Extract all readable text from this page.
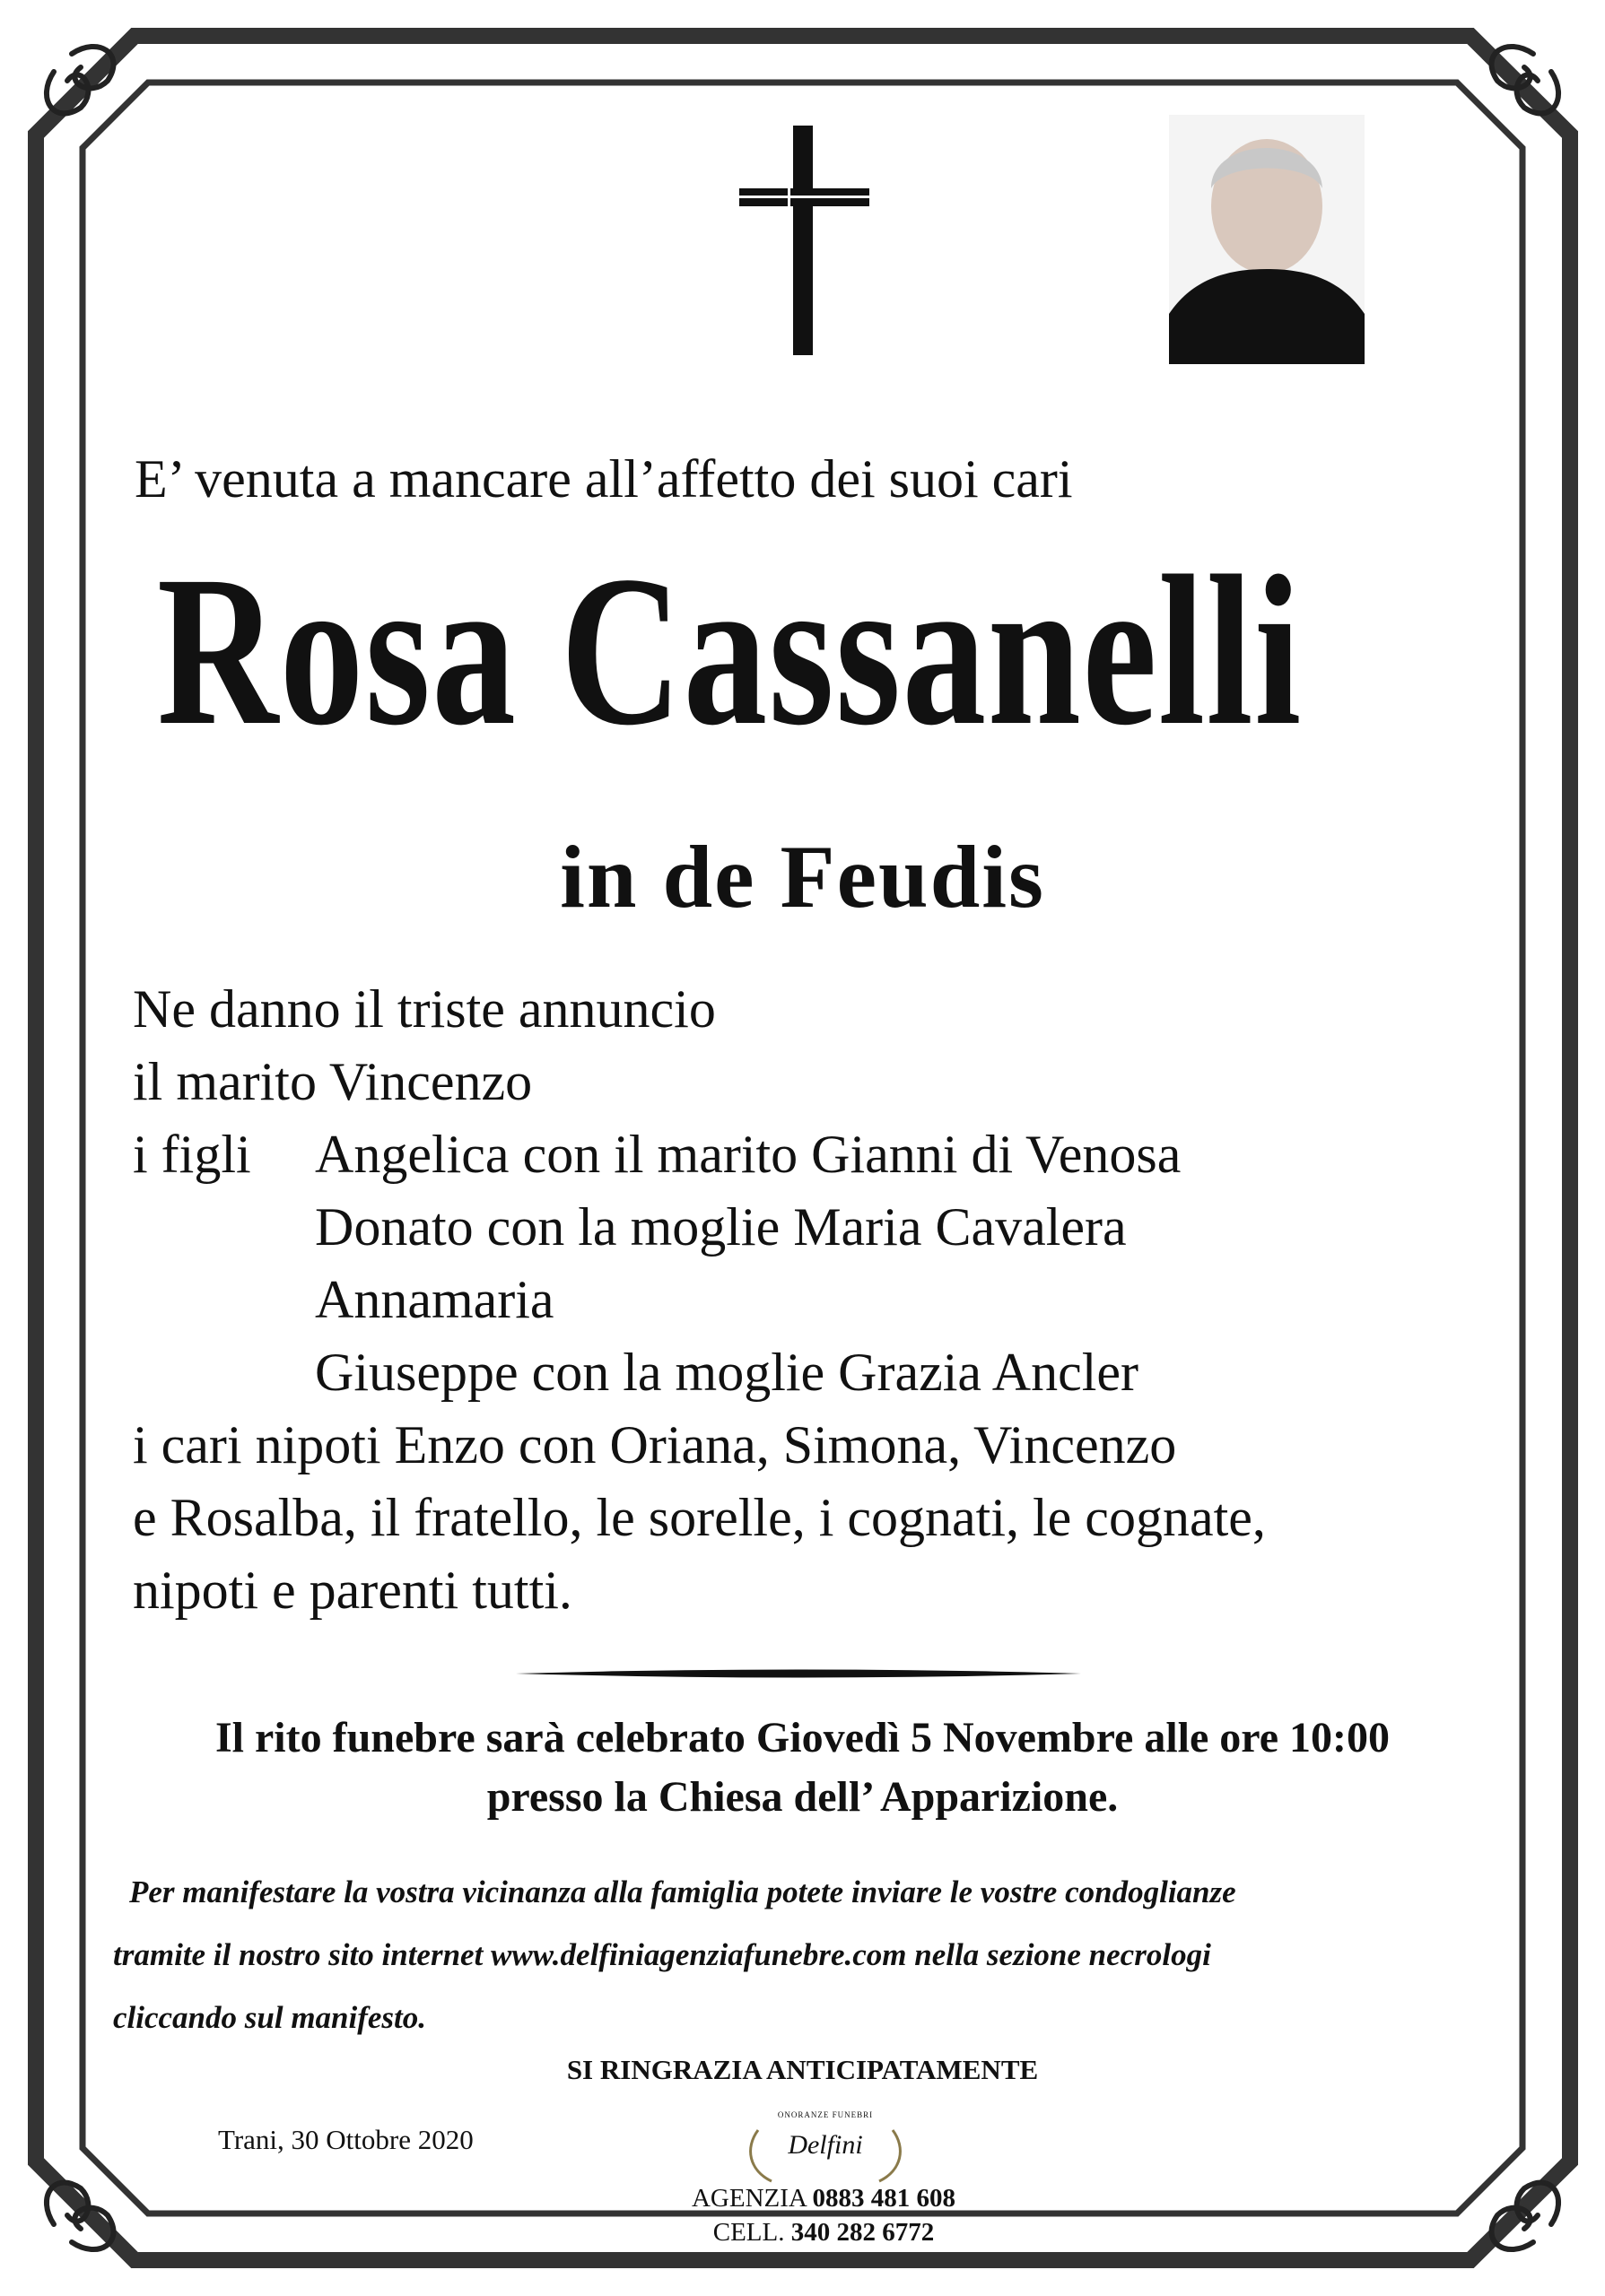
E’ venuta a mancare all’affetto dei suoi cari
Rosa Cassanelli
in de Feudis
Ne danno il triste annuncio
il marito Vincenzo
i figli Angelica con il marito Gianni di Venosa
Donato con la moglie Maria Cavalera
Annamaria
Giuseppe con la moglie Grazia Ancler
i cari nipoti Enzo con Oriana, Simona, Vincenzo
e Rosalba, il fratello, le sorelle, i cognati, le cognate,
nipoti e parenti tutti.
Il rito funebre sarà celebrato Giovedì 5 Novembre alle ore 10:00
presso la Chiesa dell’ Apparizione.
Per manifestare la vostra vicinanza alla famiglia potete inviare le vostre condoglianze
tramite il nostro sito internet www.delfiniagenziafunebre.com nella sezione necrologi
cliccando sul manifesto.
SI RINGRAZIA ANTICIPATAMENTE
Trani, 30 Ottobre 2020
ONORANZE FUNEBRI
Delfini
AGENZIA 0883 481 608
CELL. 340 282 6772
